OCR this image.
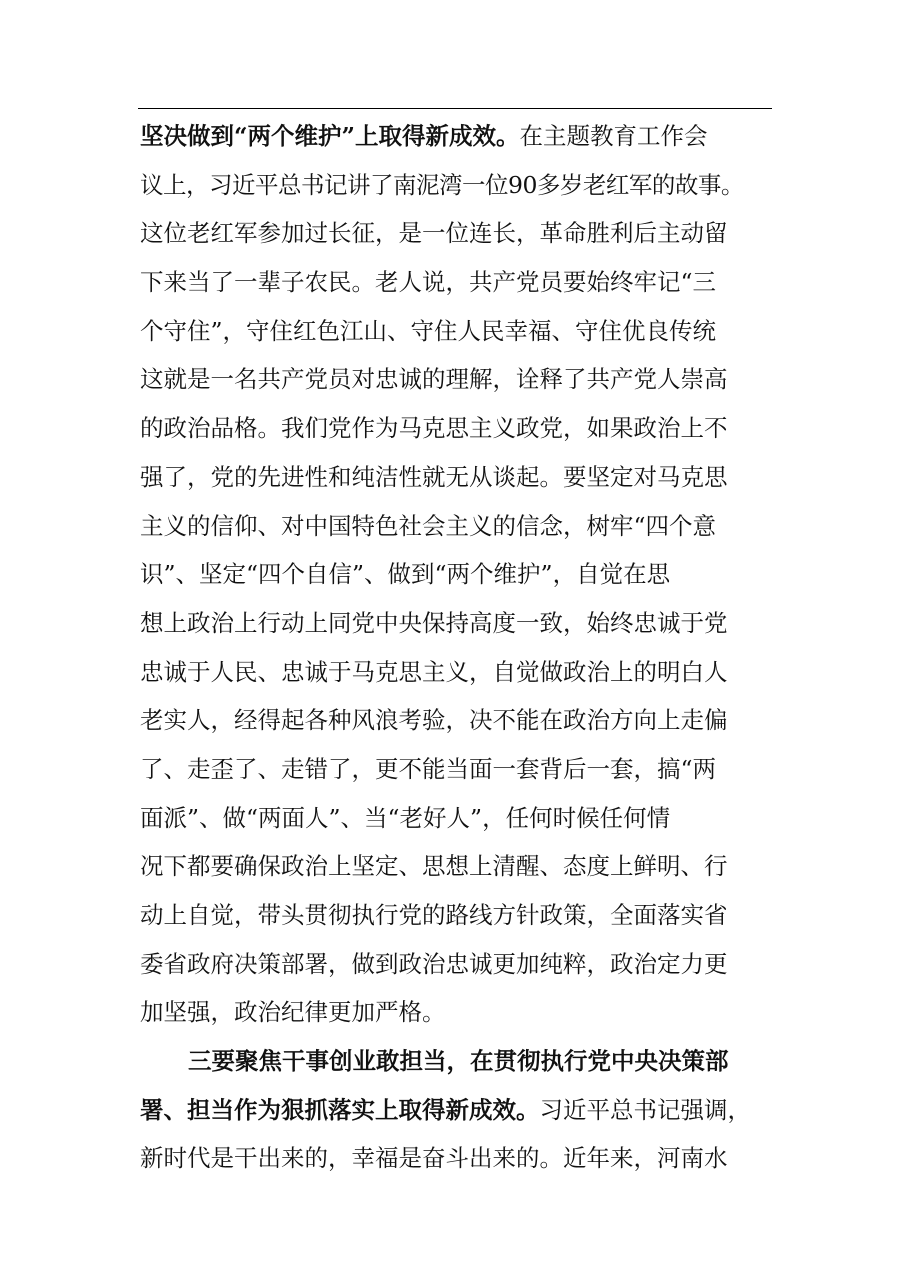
坚决做到“两个维护”上取得新成效。在主题教育工作会
议上，习近平总书记讲了南泥湾一位90多岁老红军的故事。
这位老红军参加过长征，是一位连长，革命胜利后主动留
下来当了一辈子农民。老人说，共产党员要始终牢记“三
个守住”，守住红色江山、守住人民幸福、守住优良传统
这就是一名共产党员对忠诚的理解，诠释了共产党人崇高
的政治品格。我们党作为马克思主义政党，如果政治上不
强了，党的先进性和纯洁性就无从谈起。要坚定对马克思
主义的信仰、对中国特色社会主义的信念，树牢“四个意
识”、坚定“四个自信”、做到“两个维护”，自觉在思
想上政治上行动上同党中央保持高度一致，始终忠诚于党
忠诚于人民、忠诚于马克思主义，自觉做政治上的明白人
老实人，经得起各种风浪考验，决不能在政治方向上走偏
了、走歪了、走错了，更不能当面一套背后一套，搞“两
面派”、做“两面人”、当“老好人”，任何时候任何情
况下都要确保政治上坚定、思想上清醒、态度上鲜明、行
动上自觉，带头贯彻执行党的路线方针政策，全面落实省
委省政府决策部署，做到政治忠诚更加纯粹，政治定力更
加坚强，政治纪律更加严格。
三要聚焦干事创业敢担当，在贯彻执行党中央决策部
署、担当作为狠抓落实上取得新成效。习近平总书记强调，
新时代是干出来的，幸福是奋斗出来的。近年来，河南水
